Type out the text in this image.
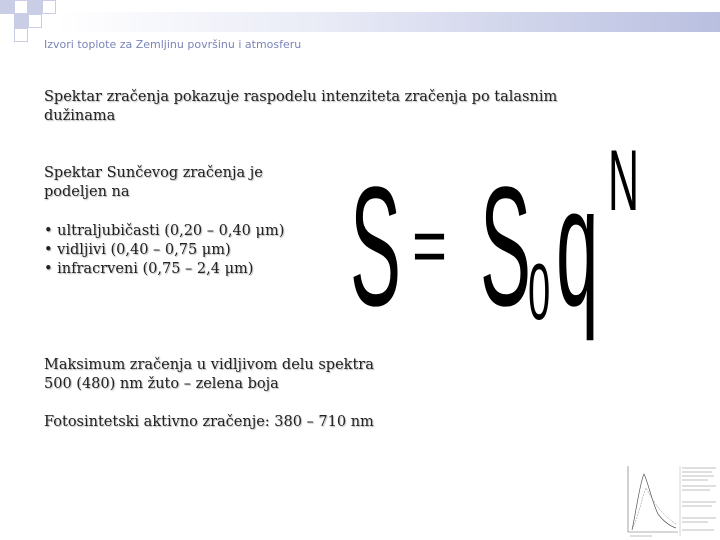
Izvori toplote za Zemljinu površinu i atmosferu
Spektar zračenja pokazuje raspodelu intenziteta zračenja po talasnim dužinama
Spektar Sunčevog zračenja je podeljen na
• ultraljubičasti (0,20 – 0,40 μm)
• vidljivi (0,40 – 0,75 μm)
• infracrveni (0,75 – 2,4 μm)
Maksimum zračenja u vidljivom delu spektra 500 (480) nm žuto – zelena boja
Fotosintetski aktivno zračenje: 380 – 710 nm
S = S
0 q N
